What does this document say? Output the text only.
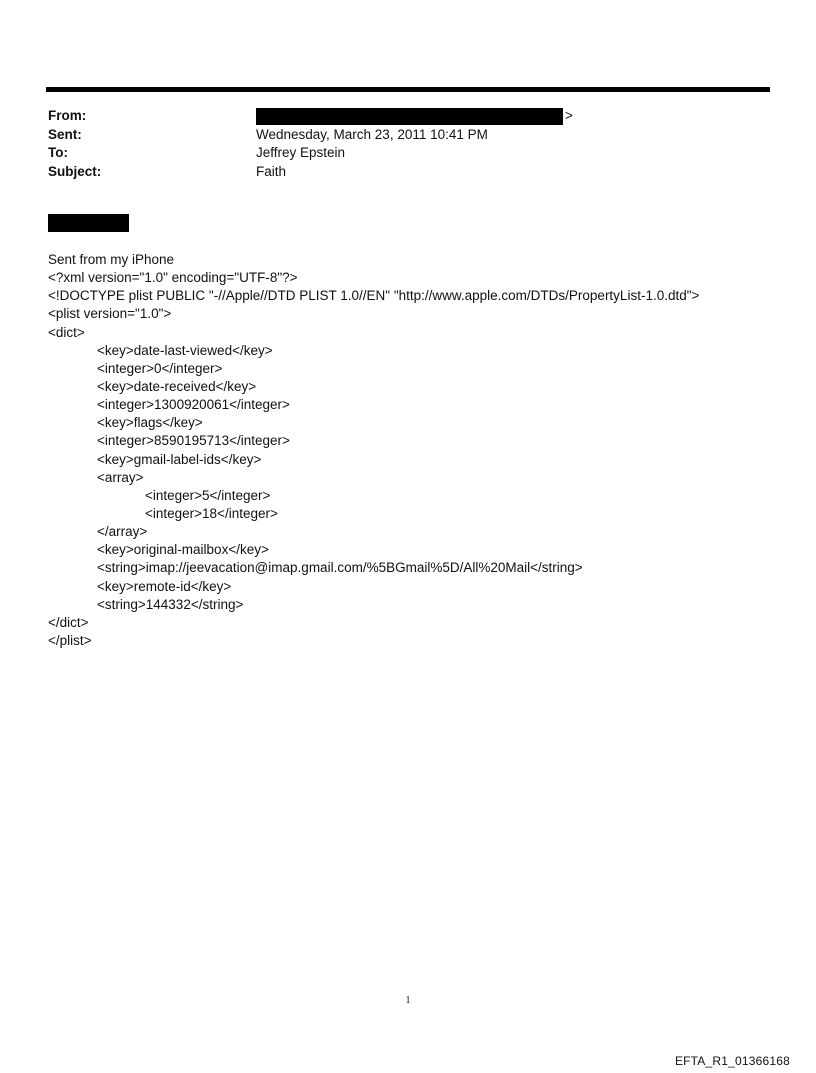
From:	>
Sent:	Wednesday, March 23, 2011 10:41 PM
To:	Jeffrey Epstein
Subject:	Faith
Sent from my iPhone
<?xml version="1.0" encoding="UTF-8"?>
<!DOCTYPE plist PUBLIC "-//Apple//DTD PLIST 1.0//EN" "http://www.apple.com/DTDs/PropertyList-1.0.dtd">
<plist version="1.0">
<dict>
<key>date-last-viewed</key>
<integer>0</integer>
<key>date-received</key>
<integer>1300920061</integer>
<key>flags</key>
<integer>8590195713</integer>
<key>gmail-label-ids</key>
<array>
<integer>5</integer>
<integer>18</integer>
</array>
<key>original-mailbox</key>
<string>imap://jeevacation@imap.gmail.com/%5BGmail%5D/All%20Mail</string>
<key>remote-id</key>
<string>144332</string>
</dict>
</plist>
1
EFTA_R1_01366168
